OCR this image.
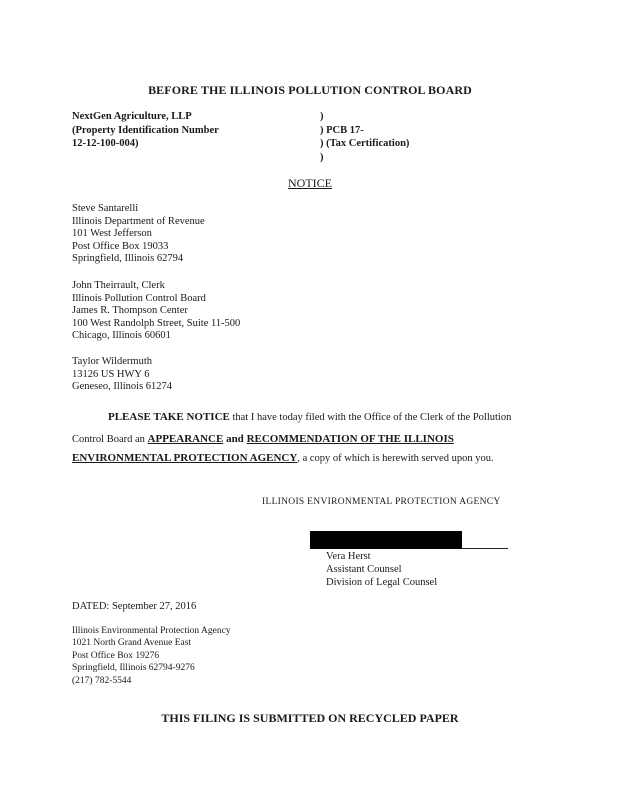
BEFORE THE ILLINOIS POLLUTION CONTROL BOARD
NextGen Agriculture, LLP
(Property Identification Number
12-12-100-004)
)
) PCB 17-
) (Tax Certification)
)
NOTICE
Steve Santarelli
Illinois Department of Revenue
101 West Jefferson
Post Office Box 19033
Springfield, Illinois 62794
John Theirrault, Clerk
Illinois Pollution Control Board
James R. Thompson Center
100 West Randolph Street, Suite 11-500
Chicago, Illinois 60601
Taylor Wildermuth
13126 US HWY 6
Geneseo, Illinois 61274
PLEASE TAKE NOTICE that I have today filed with the Office of the Clerk of the Pollution
Control Board an APPEARANCE and RECOMMENDATION OF THE ILLINOIS
ENVIRONMENTAL PROTECTION AGENCY, a copy of which is herewith served upon you.
ILLINOIS ENVIRONMENTAL PROTECTION AGENCY
Vera Herst
Assistant Counsel
Division of Legal Counsel
DATED: September 27, 2016
Illinois Environmental Protection Agency
1021 North Grand Avenue East
Post Office Box 19276
Springfield, Illinois 62794-9276
(217) 782-5544
THIS FILING IS SUBMITTED ON RECYCLED PAPER
